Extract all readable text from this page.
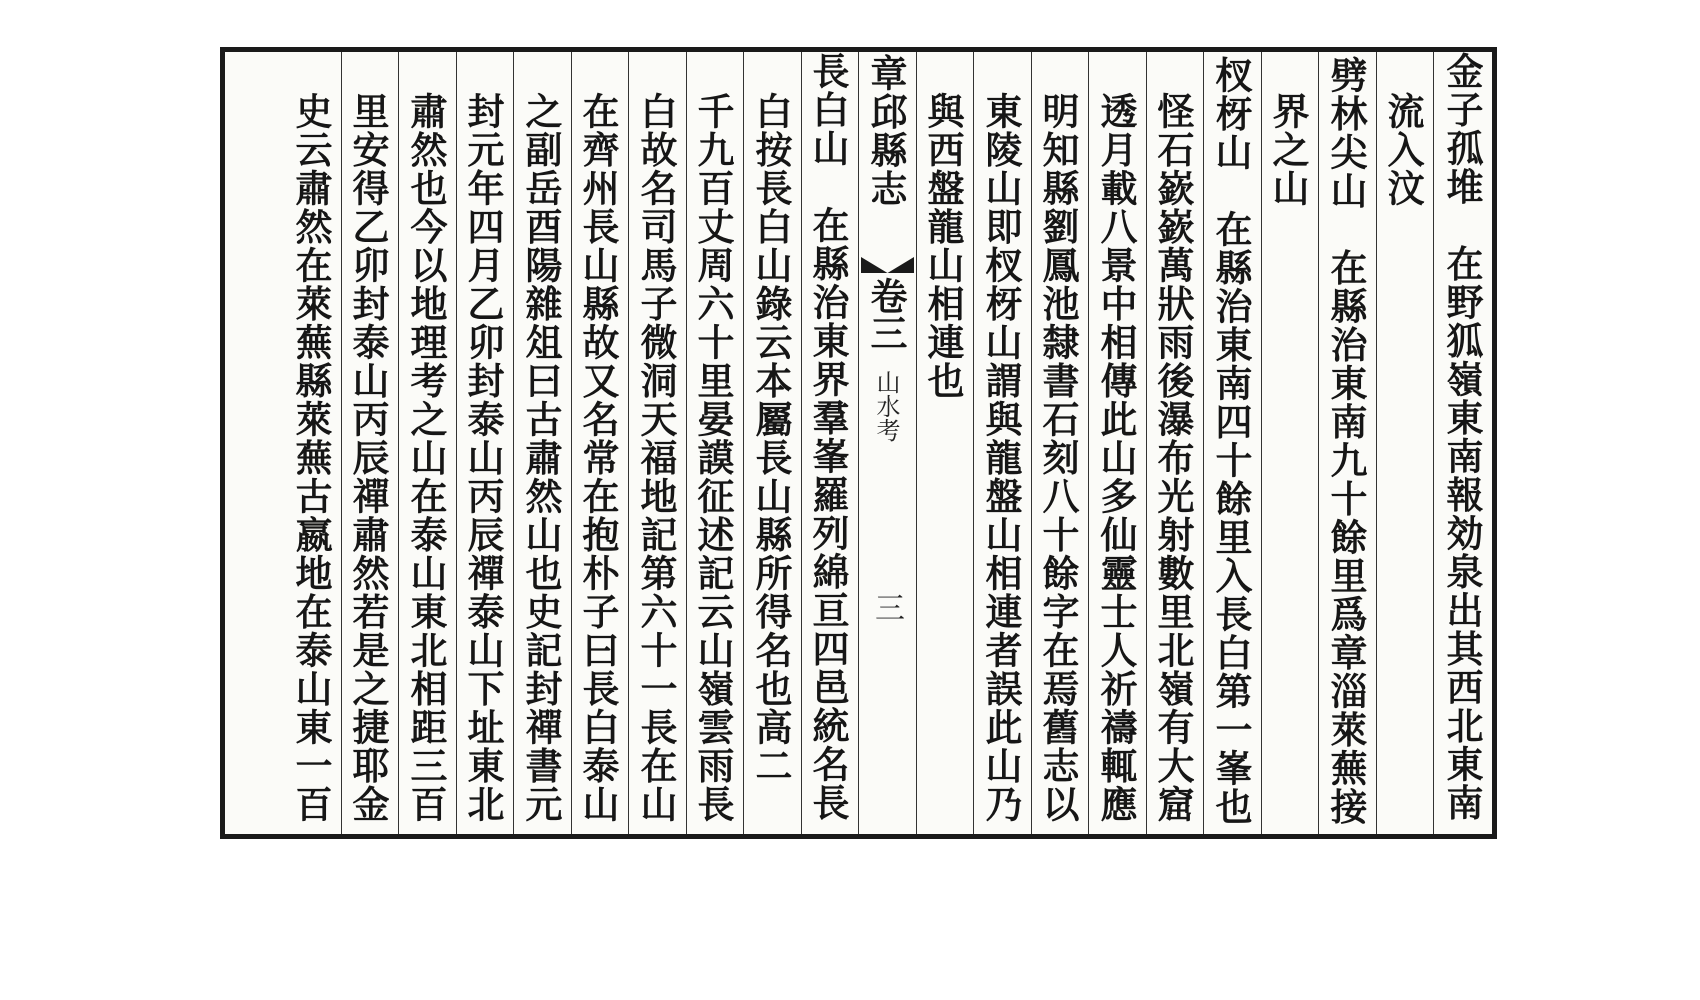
金子孤堆　在野狐嶺東南報効泉出其西北東南
流入汶
劈林尖山　在縣治東南九十餘里爲章淄萊蕪接
界之山
杈枒山　在縣治東南四十餘里入長白第一峯也
怪石嶔嶔萬狀雨後瀑布光射數里北嶺有大窟
透月載八景中相傳此山多仙靈士人祈禱輒應
明知縣劉鳳池隸書石刻八十餘字在焉舊志以
東陵山即杈枒山謂與龍盤山相連者誤此山乃
與西盤龍山相連也
章邱縣志
卷三
山水考
三
長白山　在縣治東界羣峯羅列綿亘四邑統名長
白按長白山錄云本屬長山縣所得名也高二
千九百丈周六十里晏謨征述記云山嶺雲雨長
白故名司馬子微洞天福地記第六十一長在山
在齊州長山縣故又名常在抱朴子曰長白泰山
之副岳酉陽雜俎曰古肅然山也史記封禪書元
封元年四月乙卯封泰山丙辰禪泰山下址東北
肅然也今以地理考之山在泰山東北相距三百
里安得乙卯封泰山丙辰禪肅然若是之捷耶金
史云肅然在萊蕪縣萊蕪古嬴地在泰山東一百
